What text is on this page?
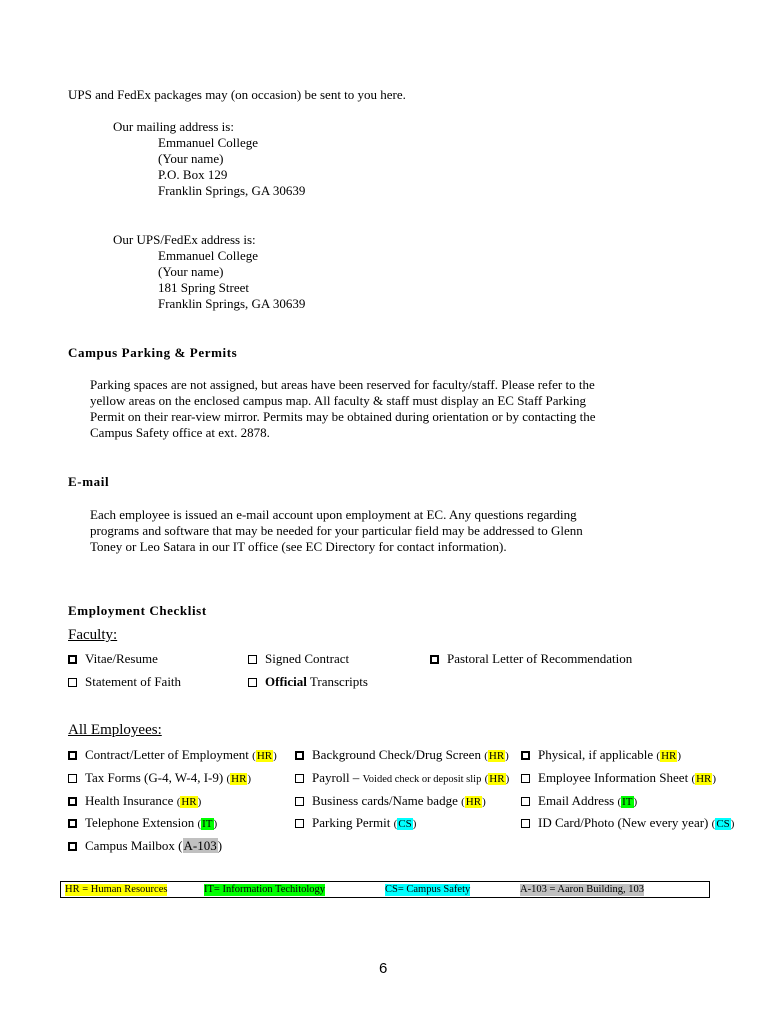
UPS and FedEx packages may (on occasion) be sent to you here.
Our mailing address is:
Emmanuel College
(Your name)
P.O. Box 129
Franklin Springs, GA 30639
Our UPS/FedEx address is:
Emmanuel College
(Your name)
181 Spring Street
Franklin Springs, GA 30639
Campus Parking & Permits
Parking spaces are not assigned, but areas have been reserved for faculty/staff. Please refer to the
yellow areas on the enclosed campus map. All faculty & staff must display an EC Staff Parking
Permit on their rear-view mirror. Permits may be obtained during orientation or by contacting the
Campus Safety office at ext. 2878.
E-mail
Each employee is issued an e-mail account upon employment at EC. Any questions regarding
programs and software that may be needed for your particular field may be addressed to Glenn
Toney or Leo Satara in our IT office (see EC Directory for contact information).
Employment Checklist
Faculty:
Vitae/Resume	Signed Contract	Pastoral Letter of Recommendation
Statement of Faith	Official Transcripts
All Employees:
Contract/Letter of Employment (HR)	Background Check/Drug Screen (HR)	Physical, if applicable (HR)
Tax Forms (G-4, W-4, I-9) (HR)	Payroll – Voided check or deposit slip (HR)	Employee Information Sheet (HR)
Health Insurance (HR)	Business cards/Name badge (HR)	Email Address (IT)
Telephone Extension (IT)	Parking Permit (CS)	ID Card/Photo (New every year) (CS)
Campus Mailbox (A-103)
HR = Human Resources	IT= Information Techitology	CS= Campus Safety	A-103 = Aaron Building, 103
6
